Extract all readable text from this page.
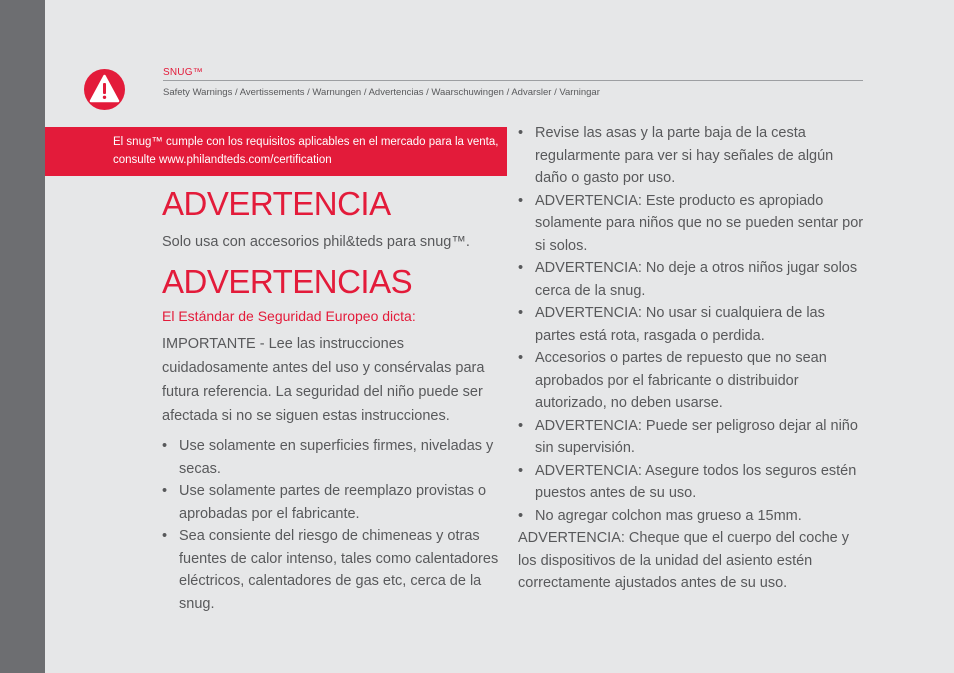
SNUG™
Safety Warnings / Avertissements / Warnungen / Advertencias / Waarschuwingen / Advarsler / Varningar
El snug™ cumple con los requisitos aplicables en el mercado para la venta, consulte www.philandteds.com/certification
ADVERTENCIA
Solo usa con accesorios phil&teds para snug™.
ADVERTENCIAS
El Estándar de Seguridad Europeo dicta:
IMPORTANTE - Lee las instrucciones cuidadosamente antes del uso y consérvalas para futura referencia. La seguridad del niño puede ser afectada si no se siguen estas instrucciones.
• Use solamente en superficies firmes, niveladas y secas.
• Use solamente partes de reemplazo provistas o aprobadas por el fabricante.
• Sea consiente del riesgo de chimeneas y otras fuentes de calor intenso, tales como calentadores eléctricos, calentadores de gas etc, cerca de la snug.
• Revise las asas y la parte baja de la cesta regularmente para ver si hay señales de algún daño o gasto por uso.
• ADVERTENCIA: Este producto es apropiado solamente para niños que no se pueden sentar por si solos.
• ADVERTENCIA: No deje a otros niños jugar solos cerca de la snug.
• ADVERTENCIA: No usar si cualquiera de las partes está rota, rasgada o perdida.
• Accesorios o partes de repuesto que no sean aprobados por el fabricante o distribuidor autorizado, no deben usarse.
• ADVERTENCIA: Puede ser peligroso dejar al niño sin supervisión.
• ADVERTENCIA: Asegure todos los seguros estén puestos antes de su uso.
• No agregar colchon mas grueso a 15mm.
ADVERTENCIA: Cheque que el cuerpo del coche y los dispositivos de la unidad del asiento estén correctamente ajustados antes de su uso.
